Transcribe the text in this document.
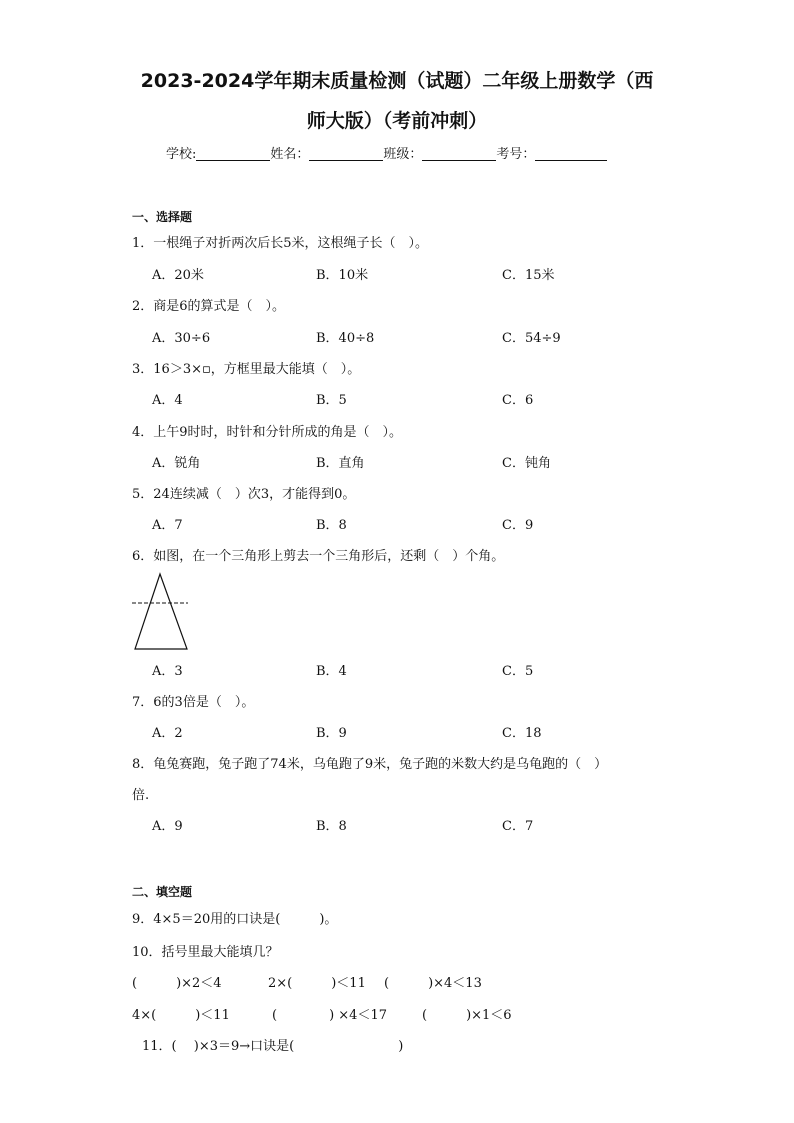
2023-2024学年期末质量检测（试题）二年级上册数学（西
师大版）（考前冲刺）
学校:	姓名：	班级：	考号：
一、选择题
1．一根绳子对折两次后长5米，这根绳子长（　）。
A．20米	B．10米	C．15米
2．商是6的算式是（　）。
A．30÷6	B．40÷8	C．54÷9
3．16＞3×▫，方框里最大能填（　）。
A．4	B．5	C．6
4．上午9时时，时针和分针所成的角是（　）。
A．锐角	B．直角	C．钝角
5．24连续减（　）次3，才能得到0。
A．7	B．8	C．9
6．如图，在一个三角形上剪去一个三角形后，还剩（　）个角。
A．3	B．4	C．5
7．6的3倍是（　）。
A．2	B．9	C．18
8．龟兔赛跑，兔子跑了74米，乌龟跑了9米，兔子跑的米数大约是乌龟跑的（　）
倍.
A．9	B．8	C．7
二、填空题
9．4×5＝20用的口诀是(　　　)。
10．括号里最大能填几？
(　　　)×2＜4	2×(　　　)＜11 (　　　)×4＜13
4×(　　　)＜11	(　　　　) ×4＜17	(　　　)×1＜6
11．(　 )×3＝9→口诀是(　　　　　　　　)
